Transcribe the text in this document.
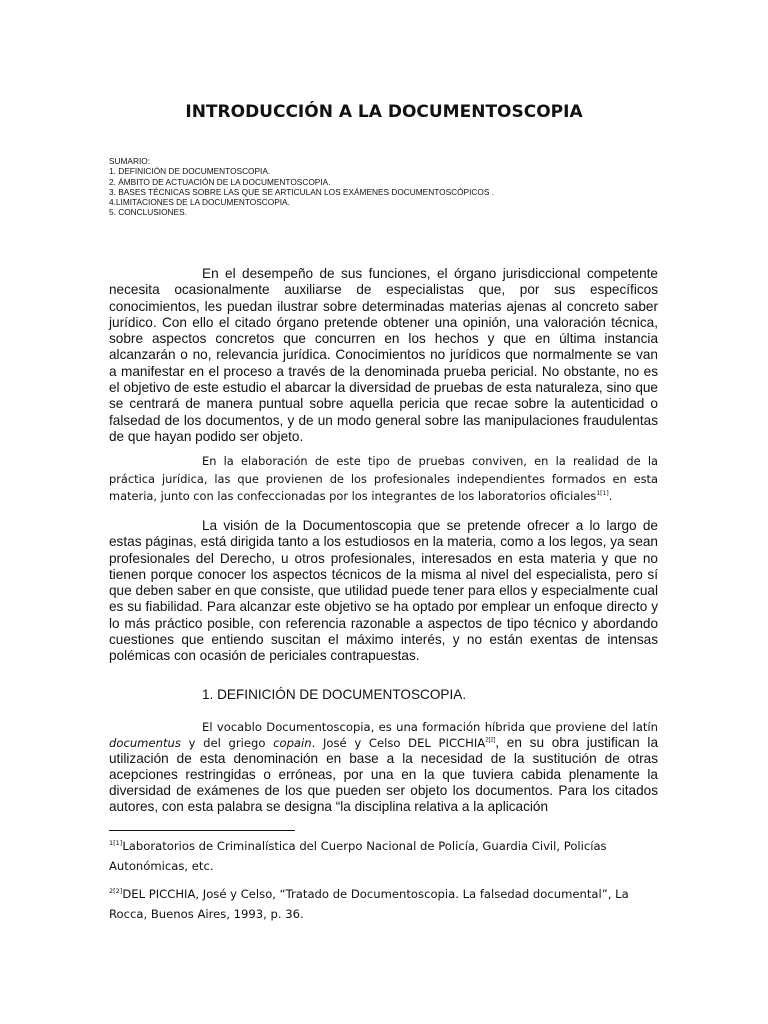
INTRODUCCIÓN A LA DOCUMENTOSCOPIA
SUMARIO:
1. DEFINICIÓN DE DOCUMENTOSCOPIA.
2. ÁMBITO DE ACTUACIÓN DE LA DOCUMENTOSCOPIA.
3. BASES TÉCNICAS SOBRE LAS QUE SE ARTICULAN LOS EXÁMENES DOCUMENTOSCÓPICOS .
4.LIMITACIONES DE LA DOCUMENTOSCOPIA.
5. CONCLUSIONES.

En el desempeño de sus funciones, el órgano jurisdiccional competente necesita ocasionalmente auxiliarse de especialistas que, por sus específicos conocimientos, les puedan ilustrar sobre determinadas materias ajenas al concreto saber jurídico. Con ello el citado órgano pretende obtener una opinión, una valoración técnica, sobre aspectos concretos que concurren en los hechos y que en última instancia alcanzarán o no, relevancia jurídica. Conocimientos no jurídicos que normalmente se van a manifestar en el proceso a través de la denominada prueba pericial. No obstante, no es el objetivo de este estudio el abarcar la diversidad de pruebas de esta naturaleza, sino que se centrará de manera puntual sobre aquella pericia que recae sobre la autenticidad o falsedad de los documentos, y de un modo general sobre las manipulaciones fraudulentas de que hayan podido ser objeto.

En la elaboración de este tipo de pruebas conviven, en la realidad de la práctica jurídica, las que provienen de los profesionales independientes formados en esta materia, junto con las confeccionadas por los integrantes de los laboratorios oficiales$^{1[1]}$.

La visión de la Documentoscopia que se pretende ofrecer a lo largo de estas páginas, está dirigida tanto a los estudiosos en la materia, como a los legos, ya sean profesionales del Derecho, u otros profesionales, interesados en esta materia y que no tienen porque conocer los aspectos técnicos de la misma al nivel del especialista, pero sí que deben saber en que consiste, que utilidad puede tener para ellos y especialmente cual es su fiabilidad. Para alcanzar este objetivo se ha optado por emplear un enfoque directo y lo más práctico posible, con referencia razonable a aspectos de tipo técnico y abordando cuestiones que entiendo suscitan el máximo interés, y no están exentas de intensas polémicas con ocasión de periciales contrapuestas.

1. DEFINICIÓN DE DOCUMENTOSCOPIA.

El vocablo Documentoscopia, es una formación híbrida que proviene del latín documentus y del griego copain. José y Celso DEL $PICCHIA^{2[2]}$, en su obra justifican la utilización de esta denominación en base a la necesidad de la sustitución de otras acepciones restringidas o erróneas, por una en la que tuviera cabida plenamente la diversidad de exámenes de los que pueden ser objeto los documentos. Para los citados autores, con esta palabra se designa “la disciplina relativa a la aplicación

$^{1[1]}$Laboratorios de Criminalística del Cuerpo Nacional de Policía, Guardia Civil, Policías Autonómicas, etc.

$^{2[2]}$DEL PICCHIA, José y Celso, “Tratado de Documentoscopia. La falsedad documental”, La Rocca, Buenos Aires, 1993, p. 36.
